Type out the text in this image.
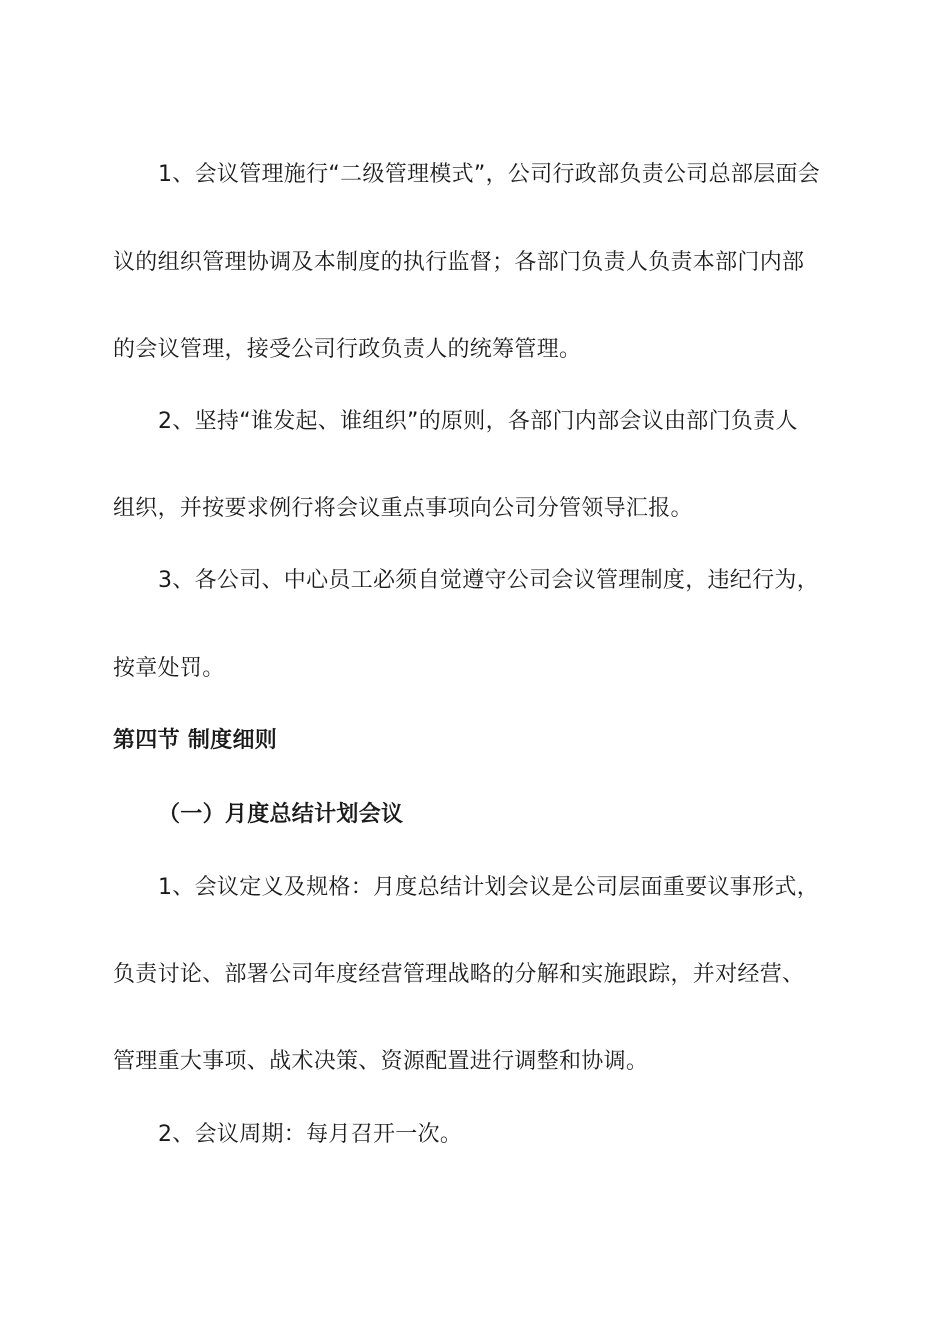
1、会议管理施行“二级管理模式”，公司行政部负责公司总部层面会
议的组织管理协调及本制度的执行监督；各部门负责人负责本部门内部
的会议管理，接受公司行政负责人的统筹管理。
2、坚持“谁发起、谁组织”的原则，各部门内部会议由部门负责人
组织，并按要求例行将会议重点事项向公司分管领导汇报。
3、各公司、中心员工必须自觉遵守公司会议管理制度，违纪行为，
按章处罚。
第四节 制度细则
（一）月度总结计划会议
1、会议定义及规格：月度总结计划会议是公司层面重要议事形式，
负责讨论、部署公司年度经营管理战略的分解和实施跟踪，并对经营、
管理重大事项、战术决策、资源配置进行调整和协调。
2、会议周期：每月召开一次。
